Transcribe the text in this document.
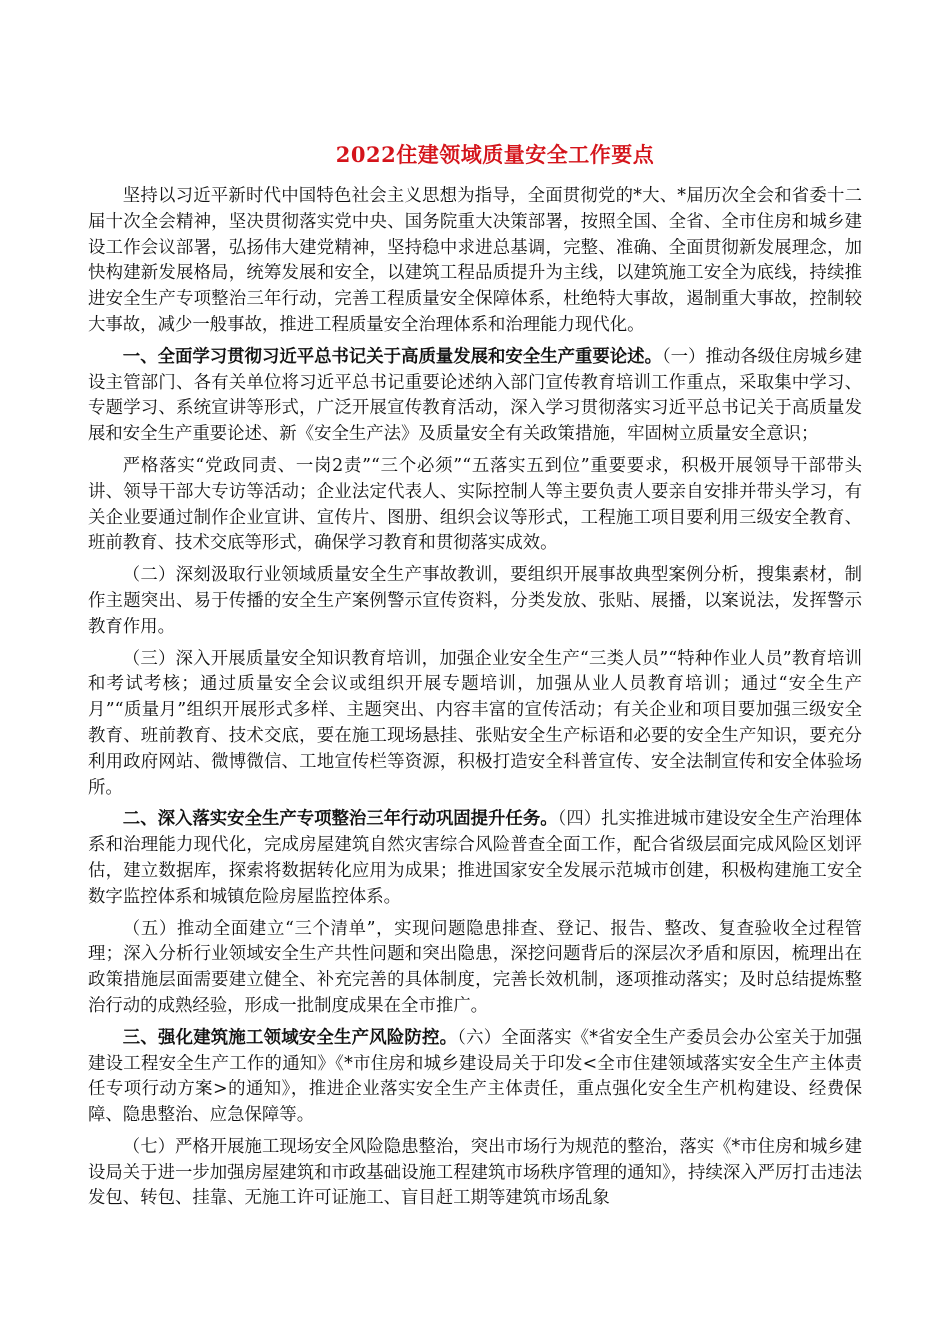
2022住建领域质量安全工作要点

坚持以习近平新时代中国特色社会主义思想为指导，全面贯彻党的*大、*届历次全会和省委十二届十次全会精神，坚决贯彻落实党中央、国务院重大决策部署，按照全国、全省、全市住房和城乡建设工作会议部署，弘扬伟大建党精神，坚持稳中求进总基调，完整、准确、全面贯彻新发展理念，加快构建新发展格局，统筹发展和安全，以建筑工程品质提升为主线，以建筑施工安全为底线，持续推进安全生产专项整治三年行动，完善工程质量安全保障体系，杜绝特大事故，遏制重大事故，控制较大事故，减少一般事故，推进工程质量安全治理体系和治理能力现代化。

一、全面学习贯彻习近平总书记关于高质量发展和安全生产重要论述。（一）推动各级住房城乡建设主管部门、各有关单位将习近平总书记重要论述纳入部门宣传教育培训工作重点，采取集中学习、专题学习、系统宣讲等形式，广泛开展宣传教育活动，深入学习贯彻落实习近平总书记关于高质量发展和安全生产重要论述、新《安全生产法》及质量安全有关政策措施，牢固树立质量安全意识；

严格落实“党政同责、一岗2责”“三个必须”“五落实五到位”重要要求，积极开展领导干部带头讲、领导干部大专访等活动；企业法定代表人、实际控制人等主要负责人要亲自安排并带头学习，有关企业要通过制作企业宣讲、宣传片、图册、组织会议等形式，工程施工项目要利用三级安全教育、班前教育、技术交底等形式，确保学习教育和贯彻落实成效。

（二）深刻汲取行业领域质量安全生产事故教训，要组织开展事故典型案例分析，搜集素材，制作主题突出、易于传播的安全生产案例警示宣传资料，分类发放、张贴、展播，以案说法，发挥警示教育作用。

（三）深入开展质量安全知识教育培训，加强企业安全生产“三类人员”“特种作业人员”教育培训和考试考核；通过质量安全会议或组织开展专题培训，加强从业人员教育培训；通过“安全生产月”“质量月”组织开展形式多样、主题突出、内容丰富的宣传活动；有关企业和项目要加强三级安全教育、班前教育、技术交底，要在施工现场悬挂、张贴安全生产标语和必要的安全生产知识，要充分利用政府网站、微博微信、工地宣传栏等资源，积极打造安全科普宣传、安全法制宣传和安全体验场所。

二、深入落实安全生产专项整治三年行动巩固提升任务。（四）扎实推进城市建设安全生产治理体系和治理能力现代化，完成房屋建筑自然灾害综合风险普查全面工作，配合省级层面完成风险区划评估，建立数据库，探索将数据转化应用为成果；推进国家安全发展示范城市创建，积极构建施工安全数字监控体系和城镇危险房屋监控体系。

（五）推动全面建立“三个清单”，实现问题隐患排查、登记、报告、整改、复查验收全过程管理；深入分析行业领域安全生产共性问题和突出隐患，深挖问题背后的深层次矛盾和原因，梳理出在政策措施层面需要建立健全、补充完善的具体制度，完善长效机制，逐项推动落实；及时总结提炼整治行动的成熟经验，形成一批制度成果在全市推广。

三、强化建筑施工领域安全生产风险防控。（六）全面落实《*省安全生产委员会办公室关于加强建设工程安全生产工作的通知》《*市住房和城乡建设局关于印发<全市住建领域落实安全生产主体责任专项行动方案>的通知》，推进企业落实安全生产主体责任，重点强化安全生产机构建设、经费保障、隐患整治、应急保障等。

（七）严格开展施工现场安全风险隐患整治，突出市场行为规范的整治，落实《*市住房和城乡建设局关于进一步加强房屋建筑和市政基础设施工程建筑市场秩序管理的通知》，持续深入严厉打击违法发包、转包、挂靠、无施工许可证施工、盲目赶工期等建筑市场乱象
